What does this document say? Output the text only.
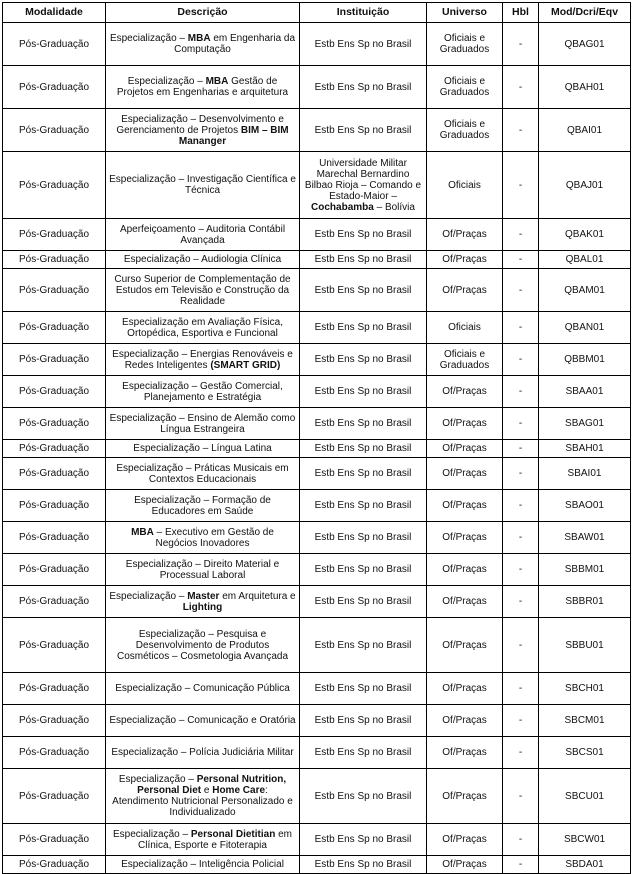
Modalidade	Descrição	Instituição	Universo	Hbl	Mod/Dcri/Eqv
Pós-Graduação	Especialização – MBA em Engenharia da Computação	Estb Ens Sp no Brasil	Oficiais e Graduados	-	QBAG01
Pós-Graduação	Especialização – MBA Gestão de Projetos em Engenharias e arquitetura	Estb Ens Sp no Brasil	Oficiais e Graduados	-	QBAH01
Pós-Graduação	Especialização – Desenvolvimento e Gerenciamento de Projetos BIM – BIM Mananger	Estb Ens Sp no Brasil	Oficiais e Graduados	-	QBAI01
Pós-Graduação	Especialização – Investigação Científica e Técnica	Universidade Militar Marechal Bernardino Bilbao Rioja – Comando e Estado-Maior – Cochabamba – Bolívia	Oficiais	-	QBAJ01
Pós-Graduação	Aperfeiçoamento – Auditoria Contábil Avançada	Estb Ens Sp no Brasil	Of/Praças	-	QBAK01
Pós-Graduação	Especialização – Audiologia Clínica	Estb Ens Sp no Brasil	Of/Praças	-	QBAL01
Pós-Graduação	Curso Superior de Complementação de Estudos em Televisão e Construção da Realidade	Estb Ens Sp no Brasil	Of/Praças	-	QBAM01
Pós-Graduação	Especialização em Avaliação Física, Ortopédica, Esportiva e Funcional	Estb Ens Sp no Brasil	Oficiais	-	QBAN01
Pós-Graduação	Especialização – Energias Renováveis e Redes Inteligentes (SMART GRID)	Estb Ens Sp no Brasil	Oficiais e Graduados	-	QBBM01
Pós-Graduação	Especialização – Gestão Comercial, Planejamento e Estratégia	Estb Ens Sp no Brasil	Of/Praças	-	SBAA01
Pós-Graduação	Especialização – Ensino de Alemão como Língua Estrangeira	Estb Ens Sp no Brasil	Of/Praças	-	SBAG01
Pós-Graduação	Especialização – Língua Latina	Estb Ens Sp no Brasil	Of/Praças	-	SBAH01
Pós-Graduação	Especialização – Práticas Musicais em Contextos Educacionais	Estb Ens Sp no Brasil	Of/Praças	-	SBAI01
Pós-Graduação	Especialização – Formação de Educadores em Saúde	Estb Ens Sp no Brasil	Of/Praças	-	SBAO01
Pós-Graduação	MBA – Executivo em Gestão de Negócios Inovadores	Estb Ens Sp no Brasil	Of/Praças	-	SBAW01
Pós-Graduação	Especialização – Direito Material e Processual Laboral	Estb Ens Sp no Brasil	Of/Praças	-	SBBM01
Pós-Graduação	Especialização – Master em Arquitetura e Lighting	Estb Ens Sp no Brasil	Of/Praças	-	SBBR01
Pós-Graduação	Especialização – Pesquisa e Desenvolvimento de Produtos Cosméticos – Cosmetologia Avançada	Estb Ens Sp no Brasil	Of/Praças	-	SBBU01
Pós-Graduação	Especialização – Comunicação Pública	Estb Ens Sp no Brasil	Of/Praças	-	SBCH01
Pós-Graduação	Especialização – Comunicação e Oratória	Estb Ens Sp no Brasil	Of/Praças	-	SBCM01
Pós-Graduação	Especialização – Polícia Judiciária Militar	Estb Ens Sp no Brasil	Of/Praças	-	SBCS01
Pós-Graduação	Especialização – Personal Nutrition, Personal Diet e Home Care: Atendimento Nutricional Personalizado e Individualizado	Estb Ens Sp no Brasil	Of/Praças	-	SBCU01
Pós-Graduação	Especialização – Personal Dietitian em Clínica, Esporte e Fitoterapia	Estb Ens Sp no Brasil	Of/Praças	-	SBCW01
Pós-Graduação	Especialização – Inteligência Policial	Estb Ens Sp no Brasil	Of/Praças	-	SBDA01
